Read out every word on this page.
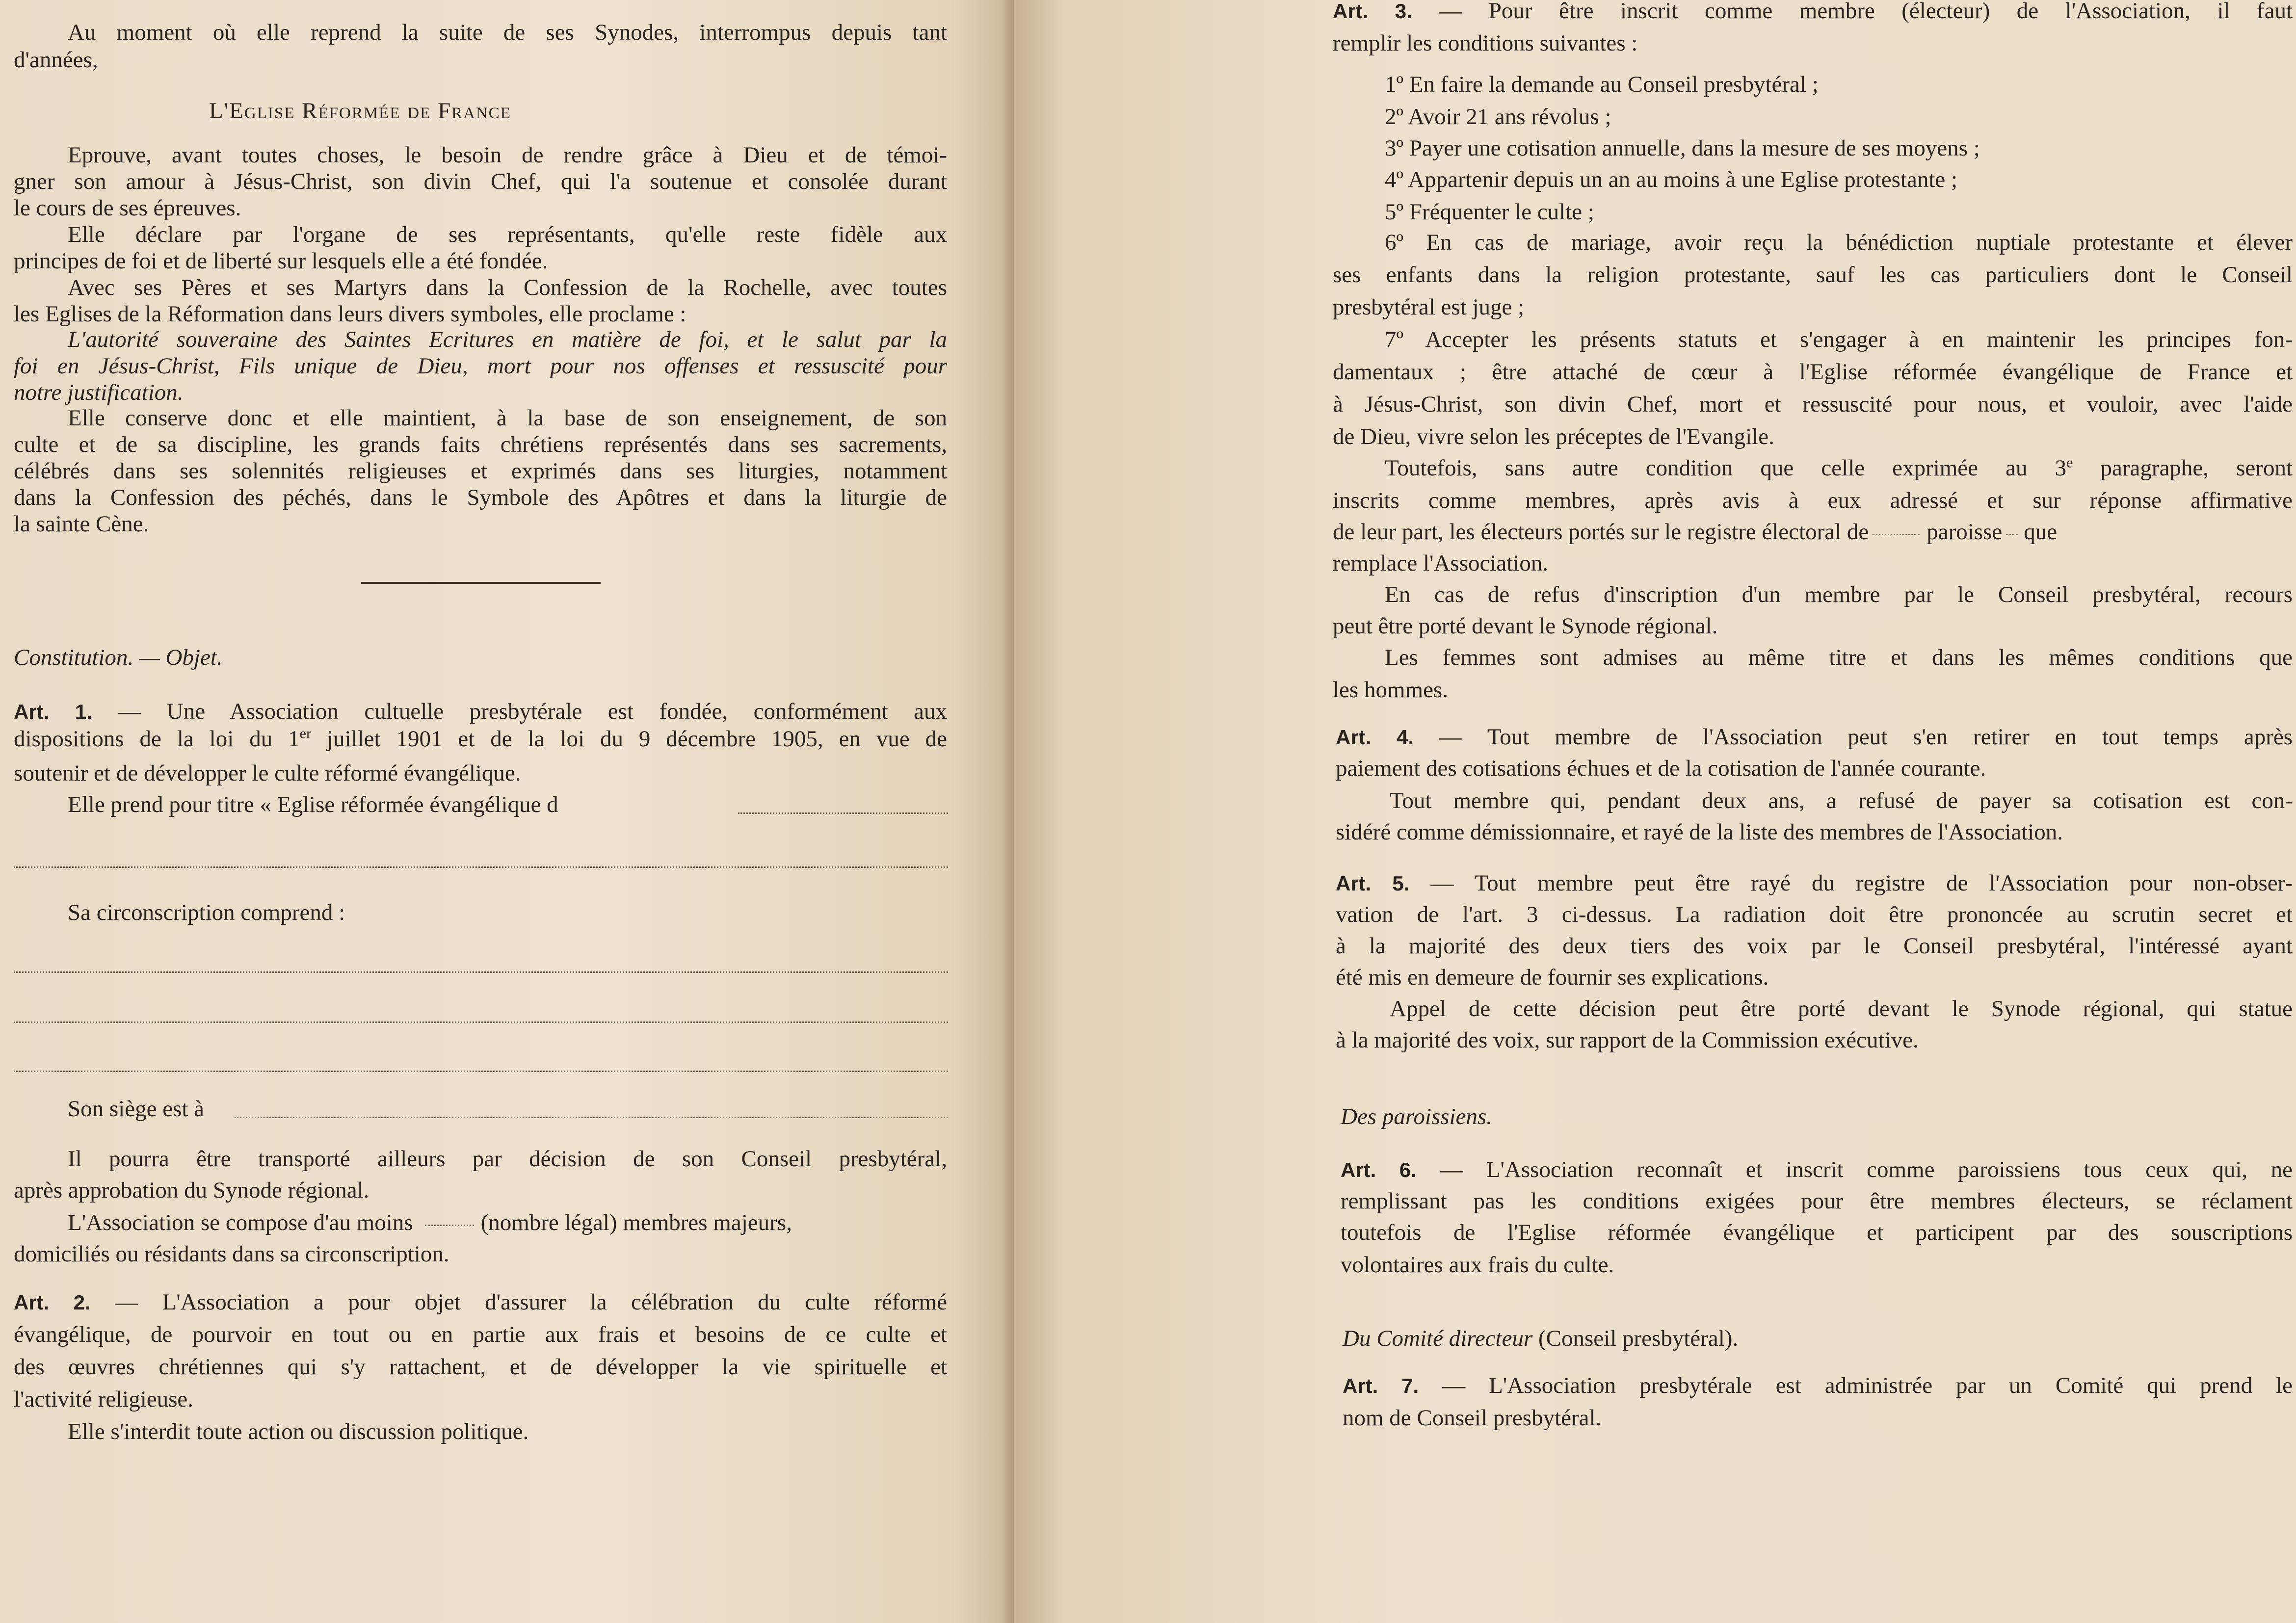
Au moment où elle reprend la suite de ses Synodes, interrompus depuis tant

d'années,

L'Eglise Réformée de France

Eprouve, avant toutes choses, le besoin de rendre grâce à Dieu et de témoi-

gner son amour à Jésus-Christ, son divin Chef, qui l'a soutenue et consolée durant

le cours de ses épreuves.

Elle déclare par l'organe de ses représentants, qu'elle reste fidèle aux

principes de foi et de liberté sur lesquels elle a été fondée.

Avec ses Pères et ses Martyrs dans la Confession de la Rochelle, avec toutes

les Eglises de la Réformation dans leurs divers symboles, elle proclame :

L'autorité souveraine des Saintes Ecritures en matière de foi, et le salut par la

foi en Jésus-Christ, Fils unique de Dieu, mort pour nos offenses et ressuscité pour

notre justification.

Elle conserve donc et elle maintient, à la base de son enseignement, de son

culte et de sa discipline, les grands faits chrétiens représentés dans ses sacrements,

célébrés dans ses solennités religieuses et exprimés dans ses liturgies, notamment

dans la Confession des péchés, dans le Symbole des Apôtres et dans la liturgie de

la sainte Cène.

Constitution. — Objet.

Art. 1. — Une Association cultuelle presbytérale est fondée, conformément aux

dispositions de la loi du 1er juillet 1901 et de la loi du 9 décembre 1905, en vue de

soutenir et de développer le culte réformé évangélique.

Elle prend pour titre « Eglise réformée évangélique d

Sa circonscription comprend :

Son siège est à

Il pourra être transporté ailleurs par décision de son Conseil presbytéral,

après approbation du Synode régional.

L'Association se compose d'au moins	(nombre légal) membres majeurs,

domiciliés ou résidants dans sa circonscription.

Art. 2. — L'Association a pour objet d'assurer la célébration du culte réformé

évangélique, de pourvoir en tout ou en partie aux frais et besoins de ce culte et

des œuvres chrétiennes qui s'y rattachent, et de développer la vie spirituelle et

l'activité religieuse.

Elle s'interdit toute action ou discussion politique.

Art. 3. — Pour être inscrit comme membre (électeur) de l'Association, il faut

remplir les conditions suivantes :

1º En faire la demande au Conseil presbytéral ;

2º Avoir 21 ans révolus ;

3º Payer une cotisation annuelle, dans la mesure de ses moyens ;

4º Appartenir depuis un an au moins à une Eglise protestante ;

5º Fréquenter le culte ;

6º En cas de mariage, avoir reçu la bénédiction nuptiale protestante et élever

ses enfants dans la religion protestante, sauf les cas particuliers dont le Conseil

presbytéral est juge ;

7º Accepter les présents statuts et s'engager à en maintenir les principes fon-

damentaux ; être attaché de cœur à l'Eglise réformée évangélique de France et

à Jésus-Christ, son divin Chef, mort et ressuscité pour nous, et vouloir, avec l'aide

de Dieu, vivre selon les préceptes de l'Evangile.

Toutefois, sans autre condition que celle exprimée au 3e paragraphe, seront

inscrits comme membres, après avis à eux adressé et sur réponse affirmative

de leur part, les électeurs portés sur le registre électoral de	paroisse que

remplace l'Association.

En cas de refus d'inscription d'un membre par le Conseil presbytéral, recours

peut être porté devant le Synode régional.

Les femmes sont admises au même titre et dans les mêmes conditions que

les hommes.

Art. 4. — Tout membre de l'Association peut s'en retirer en tout temps après

paiement des cotisations échues et de la cotisation de l'année courante.

Tout membre qui, pendant deux ans, a refusé de payer sa cotisation est con-

sidéré comme démissionnaire, et rayé de la liste des membres de l'Association.

Art. 5. — Tout membre peut être rayé du registre de l'Association pour non-obser-

vation de l'art. 3 ci-dessus. La radiation doit être prononcée au scrutin secret et

à la majorité des deux tiers des voix par le Conseil presbytéral, l'intéressé ayant

été mis en demeure de fournir ses explications.

Appel de cette décision peut être porté devant le Synode régional, qui statue

à la majorité des voix, sur rapport de la Commission exécutive.

Des paroissiens.

Art. 6. — L'Association reconnaît et inscrit comme paroissiens tous ceux qui, ne

remplissant pas les conditions exigées pour être membres électeurs, se réclament

toutefois de l'Eglise réformée évangélique et participent par des souscriptions

volontaires aux frais du culte.

Du Comité directeur (Conseil presbytéral).

Art. 7. — L'Association presbytérale est administrée par un Comité qui prend le

nom de Conseil presbytéral.
